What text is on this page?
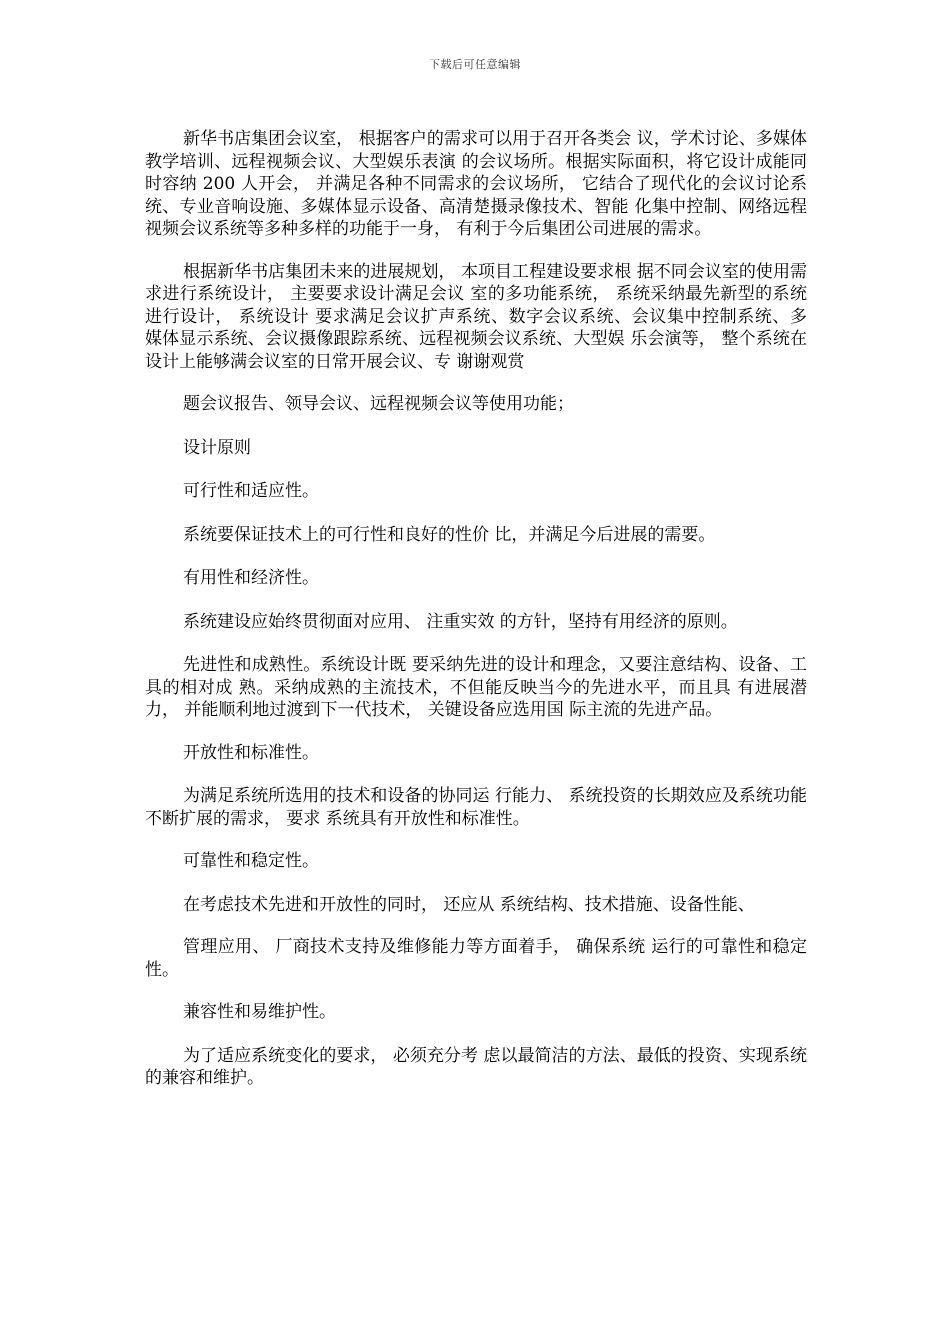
下载后可任意编辑

新华书店集团会议室， 根据客户的需求可以用于召开各类会 议，学术讨论、多媒体教学培训、远程视频会议、大型娱乐表演 的会议场所。根据实际面积，将它设计成能同时容纳 200 人开会， 并满足各种不同需求的会议场所， 它结合了现代化的会议讨论系 统、专业音响设施、多媒体显示设备、高清楚摄录像技术、智能 化集中控制、网络远程视频会议系统等多种多样的功能于一身， 有利于今后集团公司进展的需求。

根据新华书店集团未来的进展规划， 本项目工程建设要求根 据不同会议室的使用需求进行系统设计， 主要要求设计满足会议 室的多功能系统， 系统采纳最先新型的系统进行设计， 系统设计 要求满足会议扩声系统、数字会议系统、会议集中控制系统、多 媒体显示系统、会议摄像跟踪系统、远程视频会议系统、大型娱 乐会演等， 整个系统在设计上能够满会议室的日常开展会议、专 谢谢观赏

题会议报告、领导会议、远程视频会议等使用功能；

设计原则

可行性和适应性。

系统要保证技术上的可行性和良好的性价 比，并满足今后进展的需要。

有用性和经济性。

系统建设应始终贯彻面对应用、 注重实效 的方针，坚持有用经济的原则。

先进性和成熟性。系统设计既 要采纳先进的设计和理念，又要注意结构、设备、工具的相对成 熟。采纳成熟的主流技术，不但能反映当今的先进水平，而且具 有进展潜力， 并能顺利地过渡到下一代技术， 关键设备应选用国 际主流的先进产品。

开放性和标准性。

为满足系统所选用的技术和设备的协同运 行能力、 系统投资的长期效应及系统功能不断扩展的需求， 要求 系统具有开放性和标准性。

可靠性和稳定性。

在考虑技术先进和开放性的同时， 还应从 系统结构、技术措施、设备性能、

管理应用、 厂商技术支持及维修能力等方面着手， 确保系统 运行的可靠性和稳定性。

兼容性和易维护性。

为了适应系统变化的要求， 必须充分考 虑以最简洁的方法、最低的投资、实现系统的兼容和维护。
